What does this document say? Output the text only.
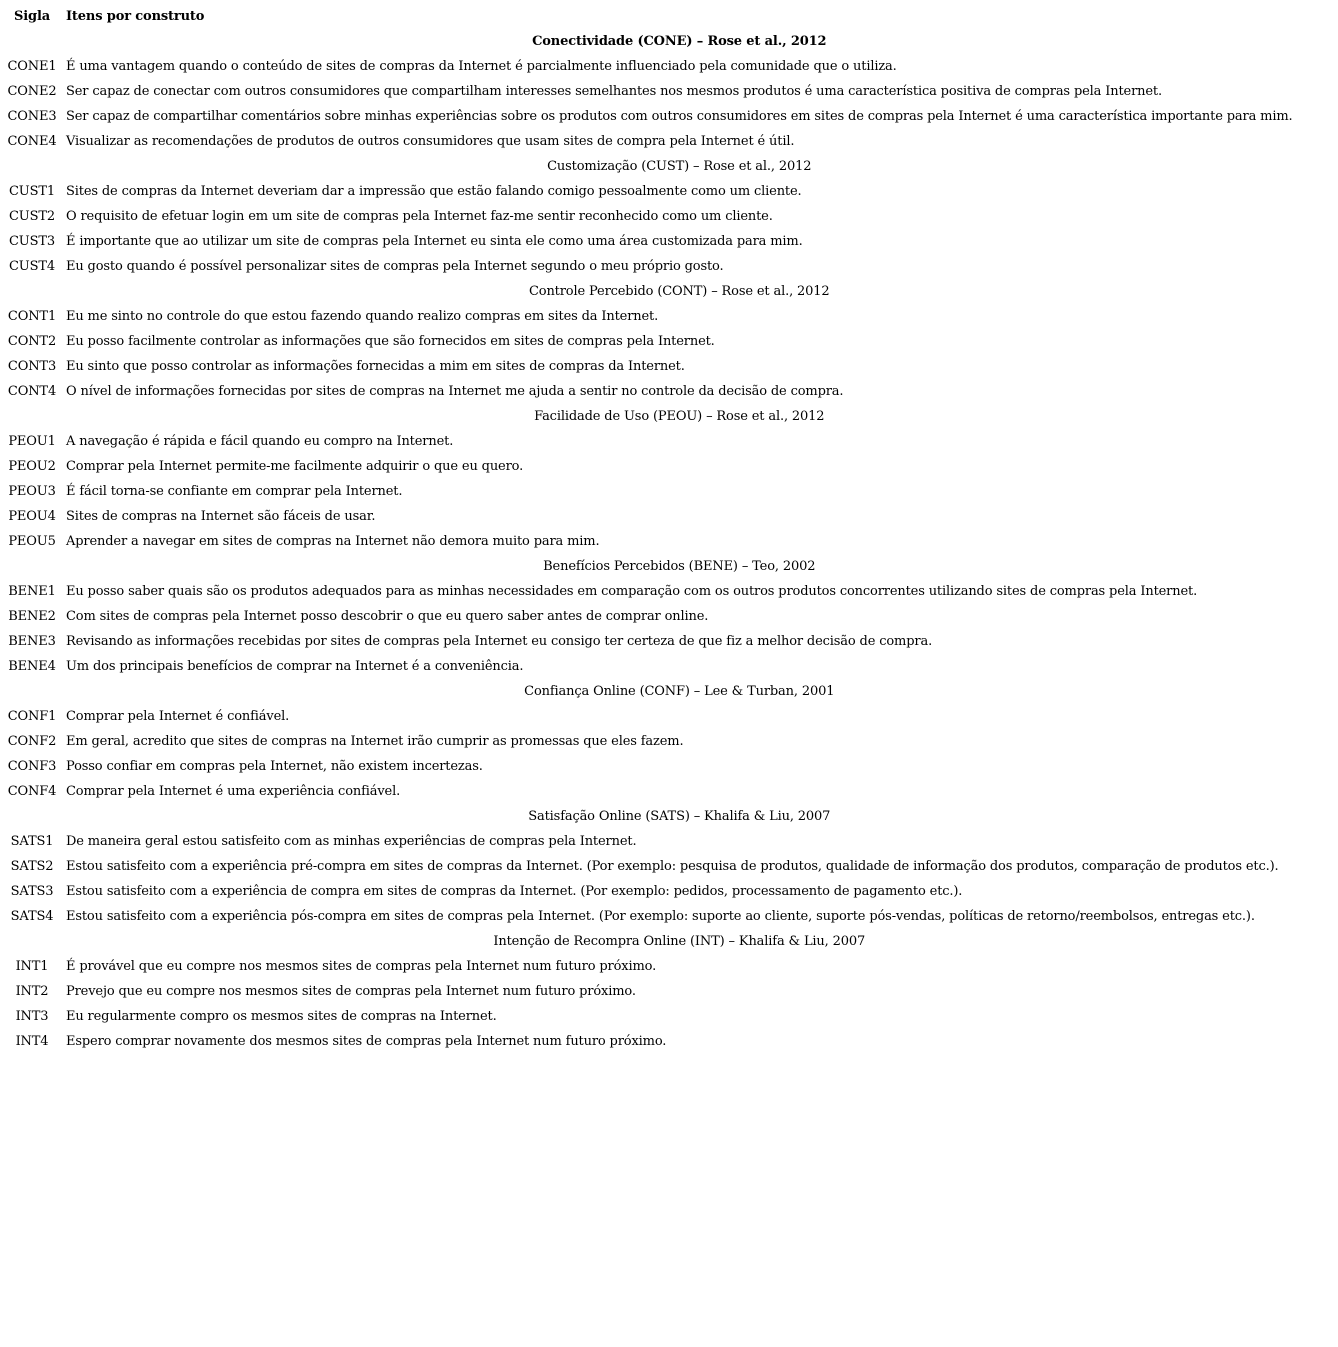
Sigla	Itens por construto
Conectividade (CONE) – Rose et al., 2012	
CONE1	É uma vantagem quando o conteúdo de sites de compras da Internet é parcialmente influenciado pela comunidade que o utiliza.
CONE2	Ser capaz de conectar com outros consumidores que compartilham interesses semelhantes nos mesmos produtos é uma característica positiva de compras pela Internet.
CONE3	Ser capaz de compartilhar comentários sobre minhas experiências sobre os produtos com outros consumidores em sites de compras pela Internet é uma característica importante para mim.
CONE4	Visualizar as recomendações de produtos de outros consumidores que usam sites de compra pela Internet é útil.
Customização (CUST) – Rose et al., 2012	
CUST1	Sites de compras da Internet deveriam dar a impressão que estão falando comigo pessoalmente como um cliente.
CUST2	O requisito de efetuar login em um site de compras pela Internet faz-me sentir reconhecido como um cliente.
CUST3	É importante que ao utilizar um site de compras pela Internet eu sinta ele como uma área customizada para mim.
CUST4	Eu gosto quando é possível personalizar sites de compras pela Internet segundo o meu próprio gosto.
Controle Percebido (CONT) – Rose et al., 2012	
CONT1	Eu me sinto no controle do que estou fazendo quando realizo compras em sites da Internet.
CONT2	Eu posso facilmente controlar as informações que são fornecidos em sites de compras pela Internet.
CONT3	Eu sinto que posso controlar as informações fornecidas a mim em sites de compras da Internet.
CONT4	O nível de informações fornecidas por sites de compras na Internet me ajuda a sentir no controle da decisão de compra.
Facilidade de Uso (PEOU) – Rose et al., 2012	
PEOU1	A navegação é rápida e fácil quando eu compro na Internet.
PEOU2	Comprar pela Internet permite-me facilmente adquirir o que eu quero.
PEOU3	É fácil torna-se confiante em comprar pela Internet.
PEOU4	Sites de compras na Internet são fáceis de usar.
PEOU5	Aprender a navegar em sites de compras na Internet não demora muito para mim.
Benefícios Percebidos (BENE) – Teo, 2002	
BENE1	Eu posso saber quais são os produtos adequados para as minhas necessidades em comparação com os outros produtos concorrentes utilizando sites de compras pela Internet.
BENE2	Com sites de compras pela Internet posso descobrir o que eu quero saber antes de comprar online.
BENE3	Revisando as informações recebidas por sites de compras pela Internet eu consigo ter certeza de que fiz a melhor decisão de compra.
BENE4	Um dos principais benefícios de comprar na Internet é a conveniência.
Confiança Online (CONF) – Lee & Turban, 2001	
CONF1	Comprar pela Internet é confiável.
CONF2	Em geral, acredito que sites de compras na Internet irão cumprir as promessas que eles fazem.
CONF3	Posso confiar em compras pela Internet, não existem incertezas.
CONF4	Comprar pela Internet é uma experiência confiável.
Satisfação Online (SATS) – Khalifa & Liu, 2007	
SATS1	De maneira geral estou satisfeito com as minhas experiências de compras pela Internet.
SATS2	Estou satisfeito com a experiência pré-compra em sites de compras da Internet. (Por exemplo: pesquisa de produtos, qualidade de informação dos produtos, comparação de produtos etc.).
SATS3	Estou satisfeito com a experiência de compra em sites de compras da Internet. (Por exemplo: pedidos, processamento de pagamento etc.).
SATS4	Estou satisfeito com a experiência pós-compra em sites de compras pela Internet. (Por exemplo: suporte ao cliente, suporte pós-vendas, políticas de retorno/reembolsos, entregas etc.).
Intenção de Recompra Online (INT) – Khalifa & Liu, 2007	
INT1	É provável que eu compre nos mesmos sites de compras pela Internet num futuro próximo.
INT2	Prevejo que eu compre nos mesmos sites de compras pela Internet num futuro próximo.
INT3	Eu regularmente compro os mesmos sites de compras na Internet.
INT4	Espero comprar novamente dos mesmos sites de compras pela Internet num futuro próximo.
